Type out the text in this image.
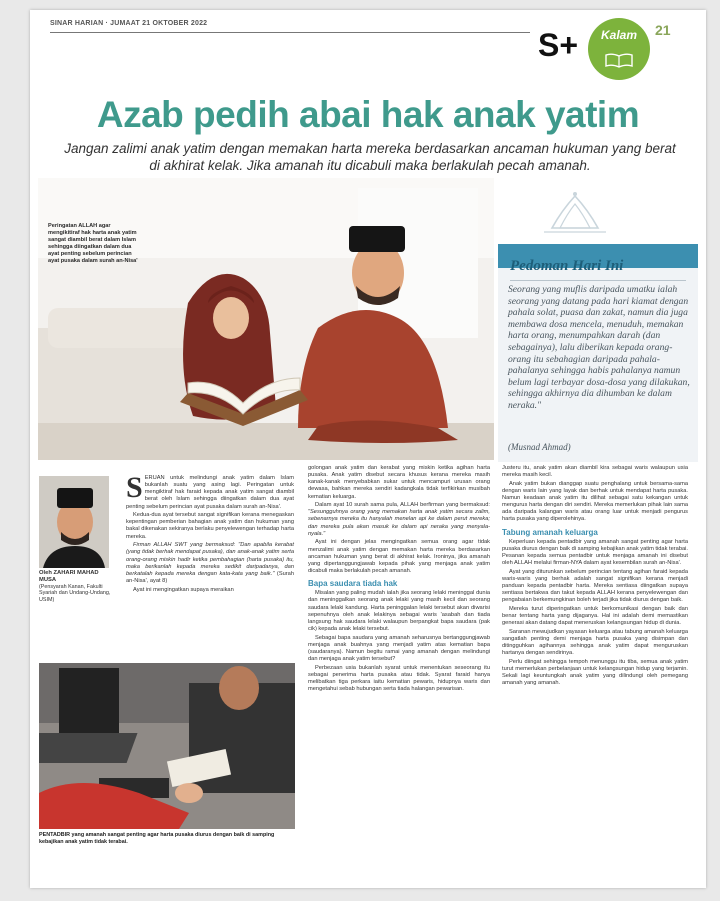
SINAR HARIAN · JUMAAT 21 OKTOBER 2022
S+	Kalam	21
Azab pedih abai hak anak yatim
Jangan zalimi anak yatim dengan memakan harta mereka berdasarkan ancaman hukuman yang berat di akhirat kelak. Jika amanah itu dicabuli maka berlakulah pecah amanah.
Peringatan ALLAH agar mengikitiraf hak harta anak yatim sangat diambil berat dalam Islam sehingga diingatkan dalam dua ayat penting sebelum perincian ayat pusaka dalam surah an-Nisa'	Pedoman Hari Ini
Seorang yang muflis daripada umatku ialah seorang yang datang pada hari kiamat dengan pahala solat, puasa dan zakat, namun dia juga membawa dosa mencela, menuduh, memakan harta orang, menumpahkan darah (dan sebagainya), lalu diberikan kepada orang-orang itu sebahagian daripada pahala-pahalanya sehingga habis pahalanya namun belum lagi terbayar dosa-dosa yang dilakukan, sehingga akhirnya dia dihumban ke dalam neraka."
(Musnad Ahmad)
Oleh ZAHARI MAHAD MUSA
(Pensyarah Kanan, Fakulti Syariah dan Undang-Undang, USIM)
PENTADBIR yang amanah sangat penting agar harta pusaka diurus dengan baik di samping kebajikan anak yatim tidak terabai.

SERUAN untuk melindungi anak yatim dalam Islam bukanlah suatu yang asing lagi. Peringatan untuk mengiktiraf hak faraid kepada anak yatim sangat diambil berat oleh Islam sehingga diingatkan dalam dua ayat penting sebelum perincian ayat pusaka dalam surah an-Nisa'.

Kedua-dua ayat tersebut sangat signifikan kerana menegaskan kepentingan pemberian bahagian anak yatim dan hukuman yang bakal dikenakan sekiranya berlaku penyelewengan terhadap harta mereka.

Firman ALLAH SWT yang bermaksud: "Dan apabila kerabat (yang tidak berhak mendapat pusaka), dan anak-anak yatim serta orang-orang miskin hadir ketika pembahagian (harta pusaka) itu, maka berikanlah kepada mereka sedikit daripadanya, dan berkatalah kepada mereka dengan kata-kata yang baik." (Surah an-Nisa', ayat 8)

Ayat ini mengingatkan supaya meraikan

golongan anak yatim dan kerabat yang miskin ketika agihan harta pusaka. Anak yatim disebut secara khusus kerana mereka masih kanak-kanak menyebabkan sukar untuk mencampuri urusan orang dewasa, bahkan mereka sendiri kadangkala tidak terfikirkan musibah kematian keluarga.

Dalam ayat 10 surah sama pula, ALLAH berfirman yang bermaksud: "Sesungguhnya orang yang memakan harta anak yatim secara zalim, sebenarnya mereka itu hanyalah menelan api ke dalam perut mereka; dan mereka pula akan masuk ke dalam api neraka yang menyala-nyala."

Ayat ini dengan jelas mengingatkan semua orang agar tidak menzalimi anak yatim dengan memakan harta mereka berdasarkan ancaman hukuman yang berat di akhirat kelak. Ironinya, jika amanah yang dipertanggungjawab kepada pihak yang menjaga anak yatim dicabuli maka berlakulah pecah amanah.

Bapa saudara tiada hak

Misalan yang paling mudah ialah jika seorang lelaki meninggal dunia dan meninggalkan seorang anak lelaki yang masih kecil dan seorang saudara lelaki kandung. Harta peninggalan lelaki tersebut akan diwarisi sepenuhnya oleh anak lelakinya sebagai waris 'asabah dan tiada langsung hak saudara lelaki walaupun berpangkat bapa saudara (pak cik) kepada anak lelaki tersebut.

Sebagai bapa saudara yang amanah seharusnya bertanggungjawab menjaga anak buahnya yang menjadi yatim atas kematian bapa (saudaranya). Namun begitu ramai yang amanah dengan melindungi dan menjaga anak yatim tersebut?

Perbezaan usia bukanlah syarat untuk menentukan seseorang itu sebagai penerima harta pusaka atau tidak. Syarat faraid hanya melibatkan tiga perkara iaitu kematian pewaris, hidupnya waris dan mengetahui sebab hubungan serta tiada halangan pewarisan.

Justeru itu, anak yatim akan diambil kira sebagai waris walaupun usia mereka masih kecil.

Anak yatim bukan dianggap suatu penghalang untuk bersama-sama dengan waris lain yang layak dan berhak untuk mendapat harta pusaka. Namun keadaan anak yatim itu dilihat sebagai satu kekangan untuk mengurus harta dengan diri sendiri. Mereka memerlukan pihak lain sama ada daripada kalangan waris atau orang luar untuk menjadi pengurus harta pusaka yang diperolehinya.

Tabung amanah keluarga

Keperluan kepada pentadbir yang amanah sangat penting agar harta pusaka diurus dengan baik di samping kebajikan anak yatim tidak terabai. Pesanan kepada semua pentadbir untuk menjaga amanah ini disebut oleh ALLAH melalui firman-NYA dalam ayat kesembilan surah an-Nisa'.

Ayat yang diturunkan sebelum perincian tentang agihan faraid kepada waris-waris yang berhak adalah sangat signifikan kerana menjadi panduan kepada pentadbir harta. Mereka sentiasa diingatkan supaya sentiasa bertakwa dan takut kepada ALLAH kerana penyelewengan dan pengabaian berkemungkinan boleh terjadi jika tidak diurus dengan baik.

Mereka turut diperingatkan untuk berkomunikasi dengan baik dan benar tentang harta yang dijaganya. Hal ini adalah demi memastikan generasi akan datang dapat meneruskan kelangsungan hidup di dunia.

Saranan mewujudkan yayasan keluarga atau tabung amanah keluarga sangatlah penting demi menjaga harta pusaka yang disimpan dan ditingguhkan agihannya sehingga anak yatim dapat menguruskan hartanya dengan sendirinya.

Perlu diingat sehingga tempoh menunggu itu tiba, semua anak yatim turut memerlukan perbelanjaan untuk kelangsungan hidup yang terjamin. Sekali lagi keuntungkah anak yatim yang dilindungi oleh pemegang amanah yang amanah.
